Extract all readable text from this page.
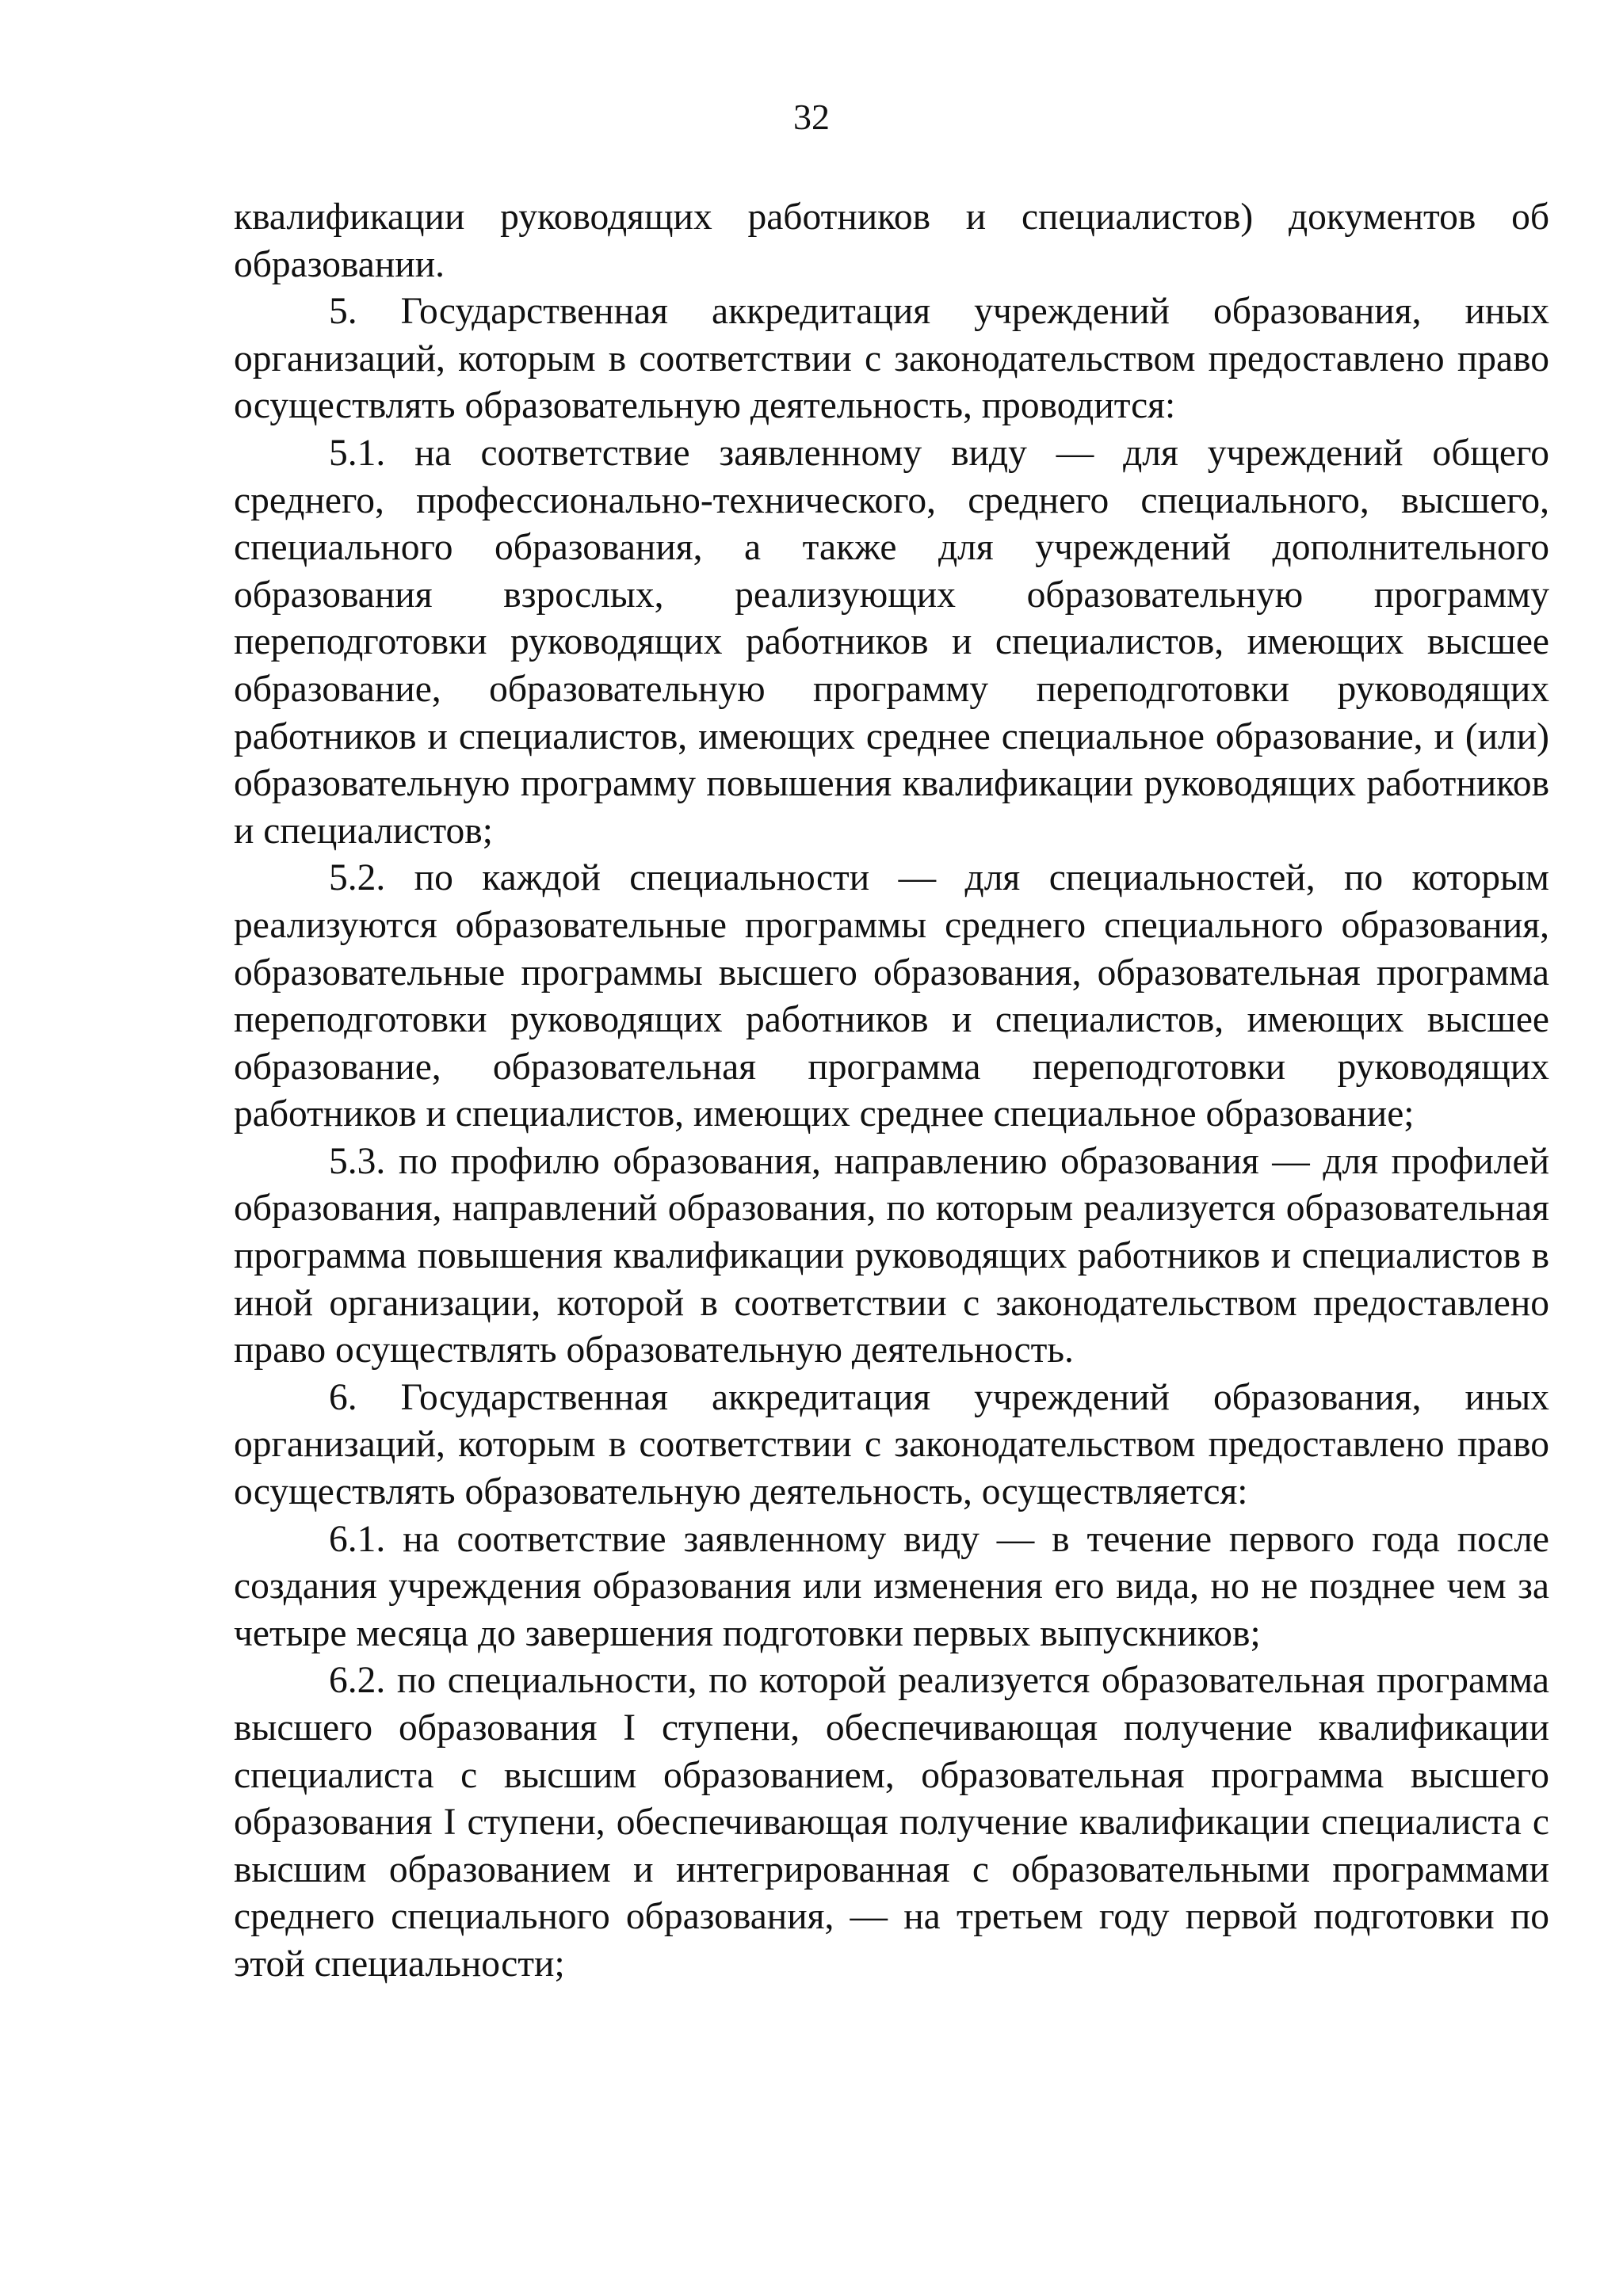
32

квалификации руководящих работников и специалистов) документов об образовании.

5. Государственная аккредитация учреждений образования, иных организаций, которым в соответствии с законодательством предоставлено право осуществлять образовательную деятельность, проводится:

5.1. на соответствие заявленному виду — для учреждений общего среднего, профессионально-технического, среднего специального, высшего, специального образования, а также для учреждений дополнительного образования взрослых, реализующих образовательную программу переподготовки руководящих работников и специалистов, имеющих высшее образование, образовательную программу переподготовки руководящих работников и специалистов, имеющих среднее специальное образование, и (или) образовательную программу повышения квалификации руководящих работников и специалистов;

5.2. по каждой специальности — для специальностей, по которым реализуются образовательные программы среднего специального образования, образовательные программы высшего образования, образовательная программа переподготовки руководящих работников и специалистов, имеющих высшее образование, образовательная программа переподготовки руководящих работников и специалистов, имеющих среднее специальное образование;

5.3. по профилю образования, направлению образования — для профилей образования, направлений образования, по которым реализуется образовательная программа повышения квалификации руководящих работников и специалистов в иной организации, которой в соответствии с законодательством предоставлено право осуществлять образовательную деятельность.

6. Государственная аккредитация учреждений образования, иных организаций, которым в соответствии с законодательством предоставлено право осуществлять образовательную деятельность, осуществляется:

6.1. на соответствие заявленному виду — в течение первого года после создания учреждения образования или изменения его вида, но не позднее чем за четыре месяца до завершения подготовки первых выпускников;

6.2. по специальности, по которой реализуется образовательная программа высшего образования I ступени, обеспечивающая получение квалификации специалиста с высшим образованием, образовательная программа высшего образования I ступени, обеспечивающая получение квалификации специалиста с высшим образованием и интегрированная с образовательными программами среднего специального образования, — на третьем году первой подготовки по этой специальности;
